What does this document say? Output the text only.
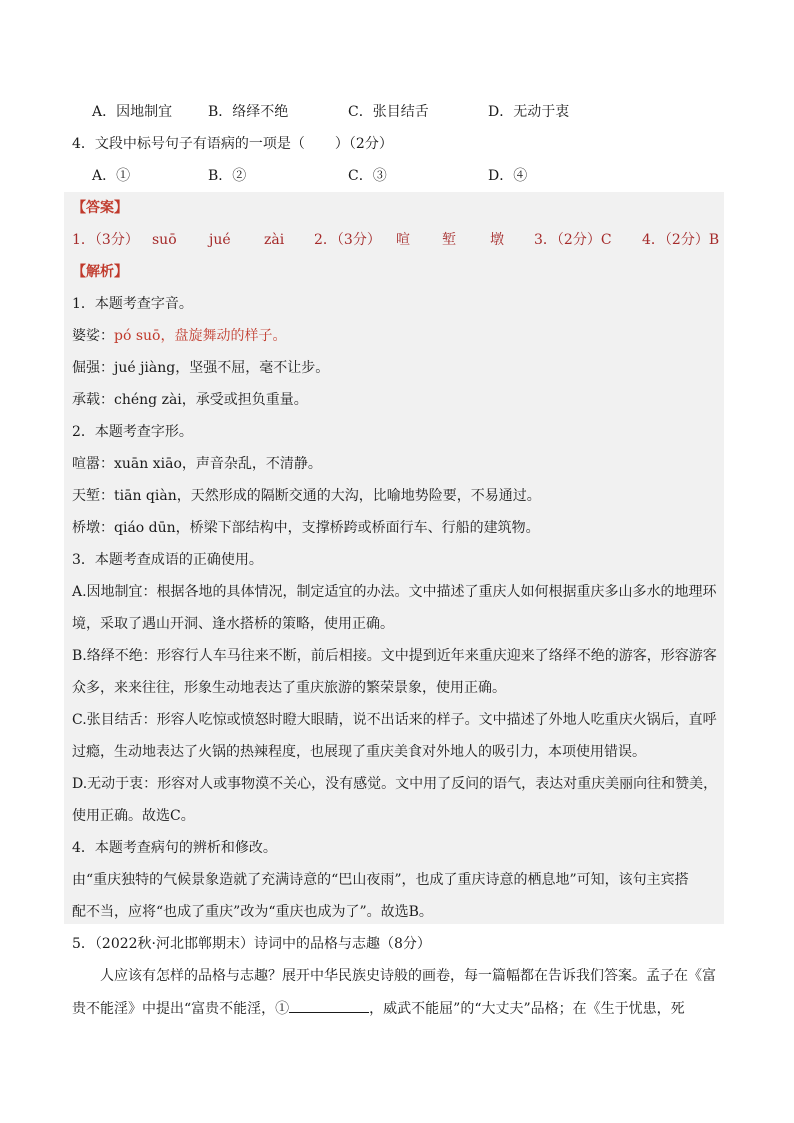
A．因地制宜	B．络绎不绝	C．张目结舌	D．无动于衷
4．文段中标号句子有语病的一项是（ ）（2分）
A．①	B．②	C．③	D．④
【答案】
1．（3分） suō jué zài 2．（3分） 喧 堑 墩 3．（2分）C 4．（2分）B
【解析】
1．本题考查字音。
婆娑：pó suō，盘旋舞动的样子。
倔强：jué jiàng，坚强不屈，毫不让步。
承载：chéng zài，承受或担负重量。
2．本题考查字形。
喧嚣：xuān xiāo，声音杂乱，不清静。
天堑：tiān qiàn，天然形成的隔断交通的大沟，比喻地势险要，不易通过。
桥墩：qiáo dūn，桥梁下部结构中，支撑桥跨或桥面行车、行船的建筑物。
3．本题考查成语的正确使用。
A.因地制宜：根据各地的具体情况，制定适宜的办法。文中描述了重庆人如何根据重庆多山多水的地理环
境，采取了遇山开洞、逢水搭桥的策略，使用正确。
B.络绎不绝：形容行人车马往来不断，前后相接。文中提到近年来重庆迎来了络绎不绝的游客，形容游客
众多，来来往往，形象生动地表达了重庆旅游的繁荣景象，使用正确。
C.张目结舌：形容人吃惊或愤怒时瞪大眼睛，说不出话来的样子。文中描述了外地人吃重庆火锅后，直呼
过瘾，生动地表达了火锅的热辣程度，也展现了重庆美食对外地人的吸引力，本项使用错误。
D.无动于衷：形容对人或事物漠不关心，没有感觉。文中用了反问的语气，表达对重庆美丽向往和赞美，
使用正确。故选C。
4．本题考查病句的辨析和修改。
由“重庆独特的气候景象造就了充满诗意的“巴山夜雨”，也成了重庆诗意的栖息地”可知，该句主宾搭
配不当，应将“也成了重庆”改为“重庆也成为了”。故选B。
5．（2022秋·河北邯郸期末）诗词中的品格与志趣（8分）
人应该有怎样的品格与志趣？展开中华民族史诗般的画卷，每一篇幅都在告诉我们答案。孟子在《富
贵不能淫》中提出“富贵不能淫，①	，威武不能屈”的“大丈夫”品格；在《生于忧患，死
